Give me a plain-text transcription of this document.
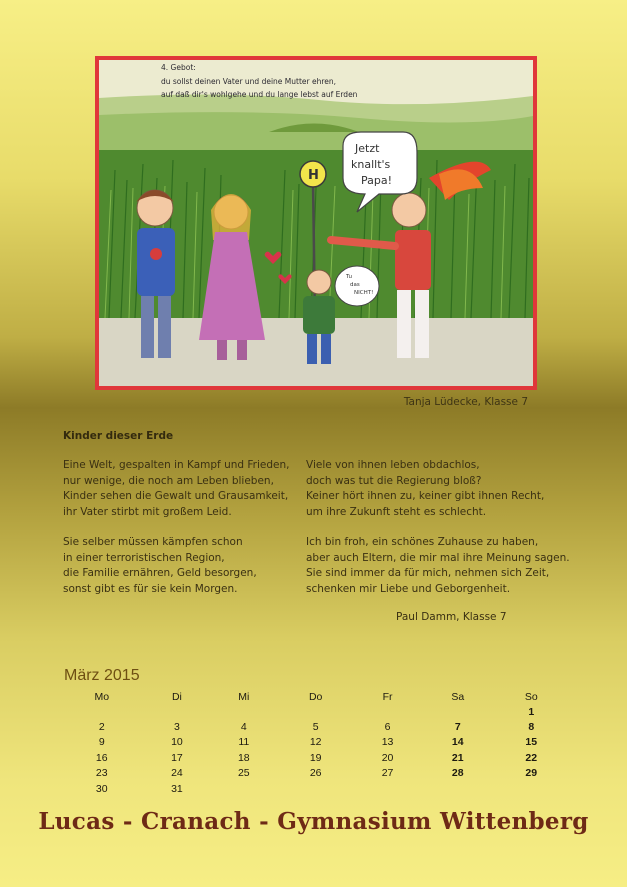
4. Gebot:
du sollst deinen Vater und deine Mutter ehren,
auf daß dir's wohlgehe und du lange lebst auf Erden
H
Jetzt
knallt's
Papa!
Tu
das
NICHT!
Tanja Lüdecke, Klasse 7
Kinder dieser Erde
Eine Welt, gespalten in Kampf und Frieden,
nur wenige, die noch am Leben blieben,
Kinder sehen die Gewalt und Grausamkeit,
ihr Vater stirbt mit großem Leid.
Sie selber müssen kämpfen schon
in einer terroristischen Region,
die Familie ernähren, Geld besorgen,
sonst gibt es für sie kein Morgen.
Viele von ihnen leben obdachlos,
doch was tut die Regierung bloß?
Keiner hört ihnen zu, keiner gibt ihnen Recht,
um ihre Zukunft steht es schlecht.
Ich bin froh, ein schönes Zuhause zu haben,
aber auch Eltern, die mir mal ihre Meinung sagen.
Sie sind immer da für mich, nehmen sich Zeit,
schenken mir Liebe und Geborgenheit.
Paul Damm, Klasse 7
März 2015
Mo	Di	Mi	Do	Fr	Sa	So
						1
2	3	4	5	6	7	8
9	10	11	12	13	14	15
16	17	18	19	20	21	22
23	24	25	26	27	28	29
30	31					
Lucas - Cranach - Gymnasium Wittenberg
